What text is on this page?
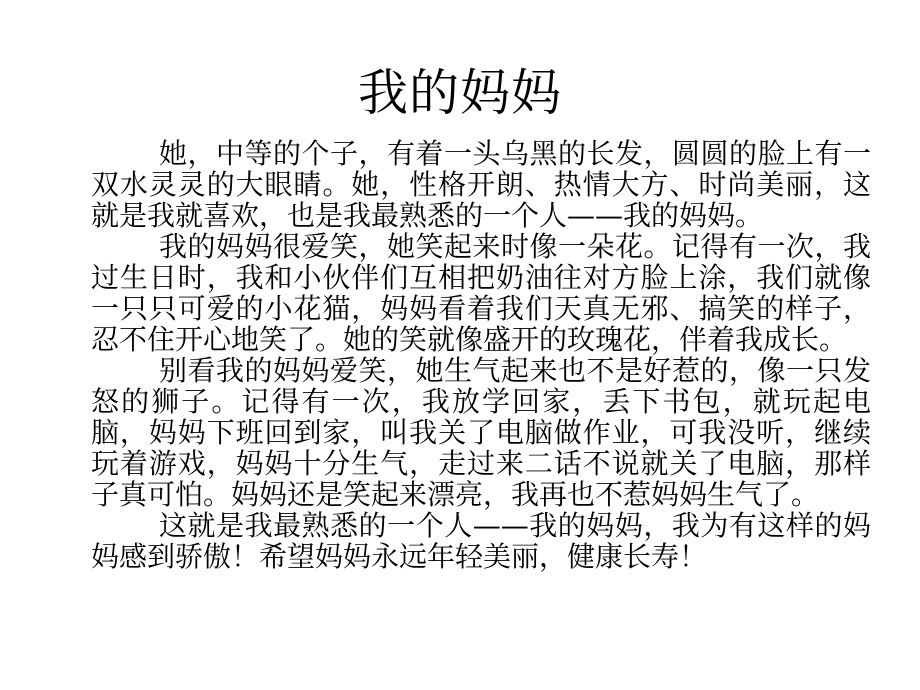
我的妈妈

她，中等的个子，有着一头乌黑的长发，圆圆的脸上有一双水灵灵的大眼睛。她，性格开朗、热情大方、时尚美丽，这就是我就喜欢，也是我最熟悉的一个人——我的妈妈。

我的妈妈很爱笑，她笑起来时像一朵花。记得有一次，我过生日时，我和小伙伴们互相把奶油往对方脸上涂，我们就像一只只可爱的小花猫，妈妈看着我们天真无邪、搞笑的样子，忍不住开心地笑了。她的笑就像盛开的玫瑰花，伴着我成长。

别看我的妈妈爱笑，她生气起来也不是好惹的，像一只发怒的狮子。记得有一次，我放学回家，丢下书包，就玩起电脑，妈妈下班回到家，叫我关了电脑做作业，可我没听，继续玩着游戏，妈妈十分生气，走过来二话不说就关了电脑，那样子真可怕。妈妈还是笑起来漂亮，我再也不惹妈妈生气了。

这就是我最熟悉的一个人——我的妈妈，我为有这样的妈妈感到骄傲！希望妈妈永远年轻美丽，健康长寿！
